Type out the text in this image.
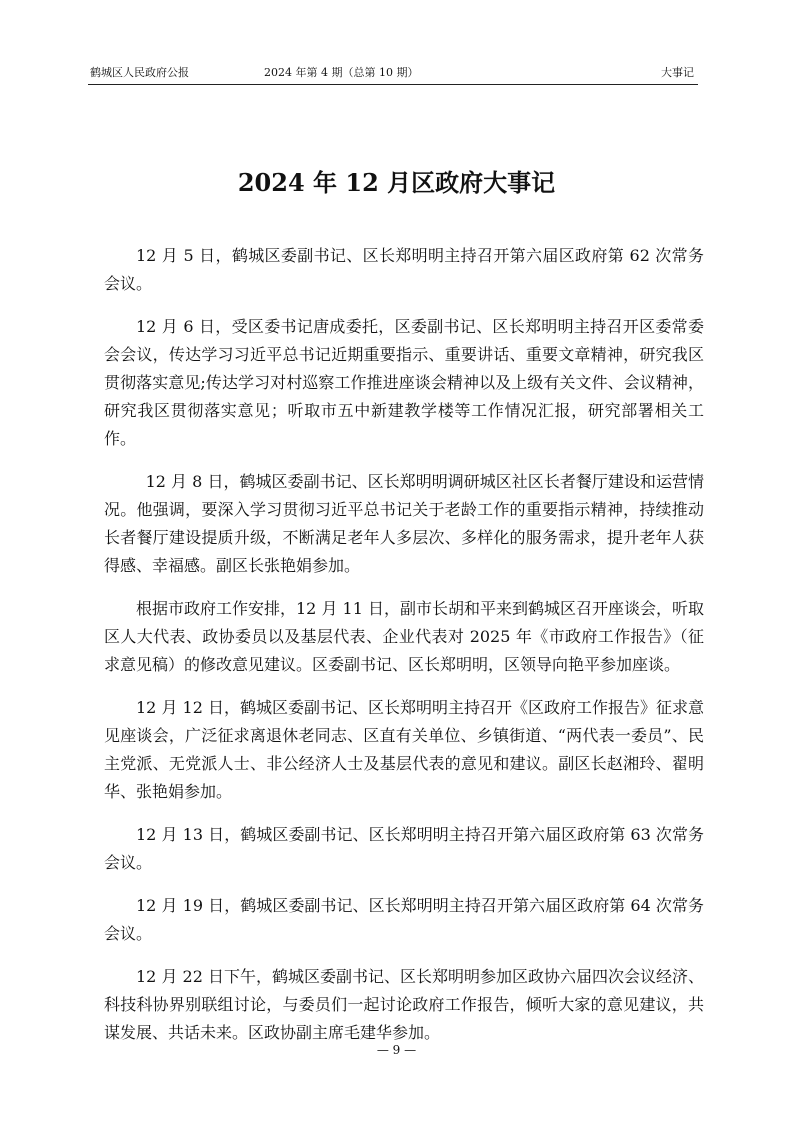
鹤城区人民政府公报	2024 年第 4 期（总第 10 期）	大事记
2024 年 12 月区政府大事记

12 月 5 日，鹤城区委副书记、区长郑明明主持召开第六届区政府第 62 次常务会议。

12 月 6 日，受区委书记唐成委托，区委副书记、区长郑明明主持召开区委常委会会议，传达学习习近平总书记近期重要指示、重要讲话、重要文章精神，研究我区贯彻落实意见;传达学习对村巡察工作推进座谈会精神以及上级有关文件、会议精神，研究我区贯彻落实意见；听取市五中新建教学楼等工作情况汇报，研究部署相关工作。

12 月 8 日，鹤城区委副书记、区长郑明明调研城区社区长者餐厅建设和运营情况。他强调，要深入学习贯彻习近平总书记关于老龄工作的重要指示精神，持续推动长者餐厅建设提质升级，不断满足老年人多层次、多样化的服务需求，提升老年人获得感、幸福感。副区长张艳娟参加。

根据市政府工作安排，12 月 11 日，副市长胡和平来到鹤城区召开座谈会，听取区人大代表、政协委员以及基层代表、企业代表对 2025 年《市政府工作报告》（征求意见稿）的修改意见建议。区委副书记、区长郑明明，区领导向艳平参加座谈。

12 月 12 日，鹤城区委副书记、区长郑明明主持召开《区政府工作报告》征求意见座谈会，广泛征求离退休老同志、区直有关单位、乡镇街道、“两代表一委员”、民主党派、无党派人士、非公经济人士及基层代表的意见和建议。副区长赵湘玲、翟明华、张艳娟参加。

12 月 13 日，鹤城区委副书记、区长郑明明主持召开第六届区政府第 63 次常务会议。

12 月 19 日，鹤城区委副书记、区长郑明明主持召开第六届区政府第 64 次常务会议。

12 月 22 日下午，鹤城区委副书记、区长郑明明参加区政协六届四次会议经济、科技科协界别联组讨论，与委员们一起讨论政府工作报告，倾听大家的意见建议，共谋发展、共话未来。区政协副主席毛建华参加。

— 9 —
